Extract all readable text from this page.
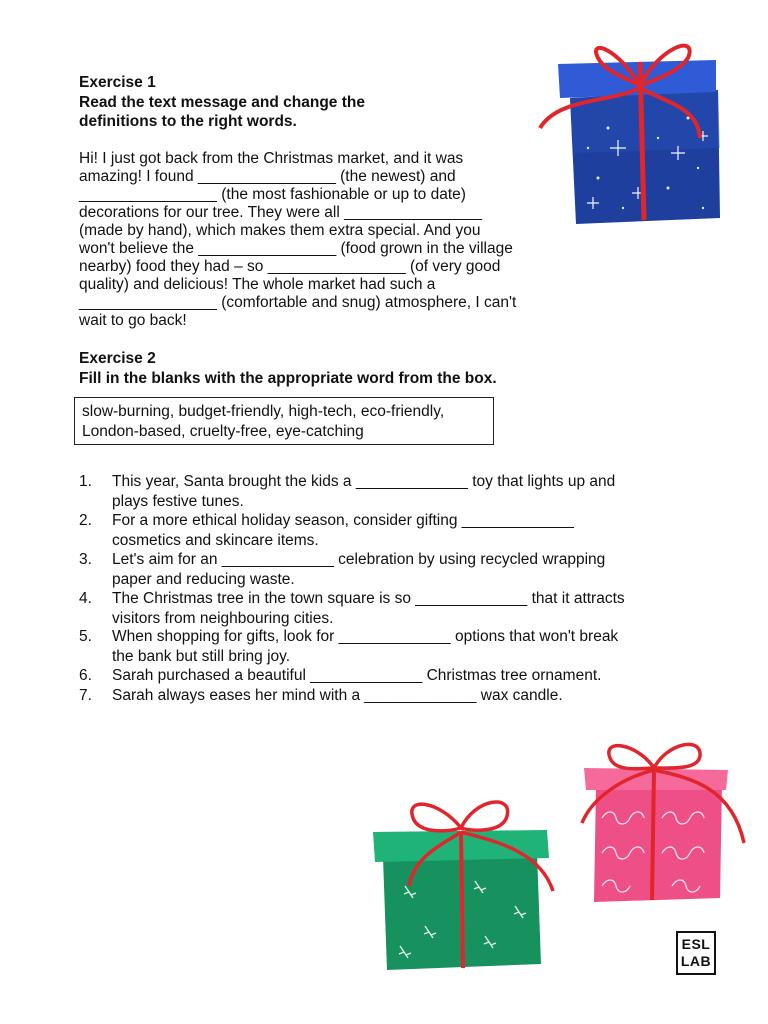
Exercise 1
Read the text message and change the
definitions to the right words.
Hi! I just got back from the Christmas market, and it was
amazing! I found ________________ (the newest) and
________________ (the most fashionable or up to date)
decorations for our tree. They were all ________________
(made by hand), which makes them extra special. And you
won't believe the ________________ (food grown in the village
nearby) food they had – so ________________ (of very good
quality) and delicious! The whole market had such a
________________ (comfortable and snug) atmosphere, I can't
wait to go back!
Exercise 2
Fill in the blanks with the appropriate word from the box.
slow-burning, budget-friendly, high-tech, eco-friendly,
London-based, cruelty-free, eye-catching
1.	This year, Santa brought the kids a _____________ toy that lights up and
plays festive tunes.
2.	For a more ethical holiday season, consider gifting _____________
cosmetics and skincare items.
3.	Let's aim for an _____________ celebration by using recycled wrapping
paper and reducing waste.
4.	The Christmas tree in the town square is so _____________ that it attracts
visitors from neighbouring cities.
5.	When shopping for gifts, look for _____________ options that won't break
the bank but still bring joy.
6.	Sarah purchased a beautiful _____________ Christmas tree ornament.
7.	Sarah always eases her mind with a _____________ wax candle.
ESL
LAB
